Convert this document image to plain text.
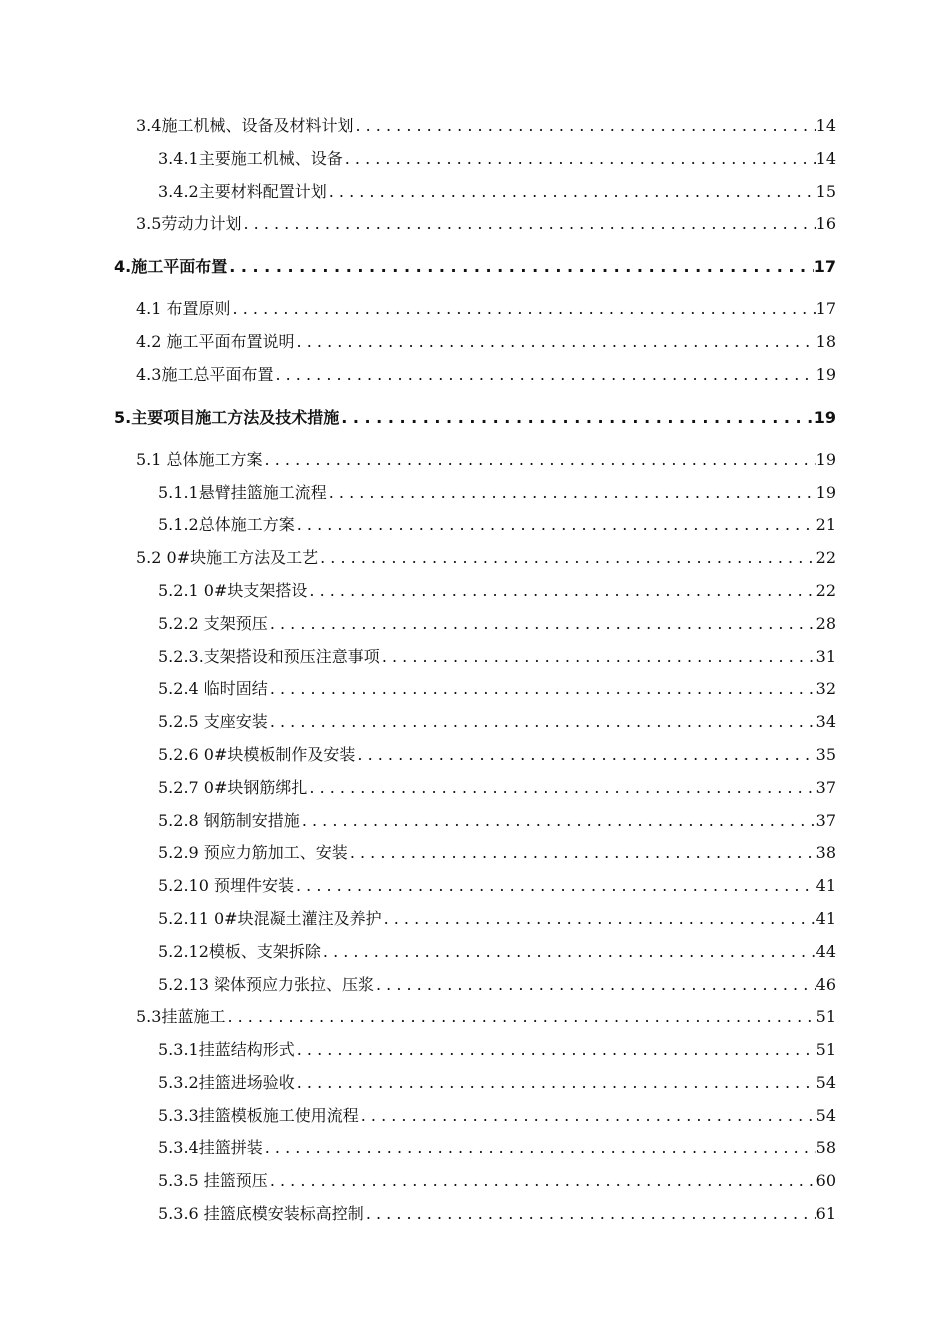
3.4施工机械、设备及材料计划 . . .	14
3.4.1主要施工机械、设备 . . .	14
3.4.2主要材料配置计划 . . .	15
3.5劳动力计划 . . .	16
4.施工平面布置 . . .	17
4.1 布置原则 . . .	17
4.2 施工平面布置说明 . . .	18
4.3施工总平面布置 . . .	19
5.主要项目施工方法及技术措施 . . .	19
5.1 总体施工方案 . . .	19
5.1.1悬臂挂篮施工流程 . . .	19
5.1.2总体施工方案 . . .	21
5.2 0#块施工方法及工艺 . . .	22
5.2.1 0#块支架搭设 . . .	22
5.2.2 支架预压 . . .	28
5.2.3.支架搭设和预压注意事项 . . .	31
5.2.4 临时固结 . . .	32
5.2.5 支座安装 . . .	34
5.2.6 0#块模板制作及安装 . . .	35
5.2.7 0#块钢筋绑扎 . . .	37
5.2.8 钢筋制安措施 . . .	37
5.2.9 预应力筋加工、安装 . . .	38
5.2.10 预埋件安装 . . .	41
5.2.11 0#块混凝土灌注及养护 . . .	41
5.2.12模板、支架拆除 . . .	44
5.2.13 梁体预应力张拉、压浆 . . .	46
5.3挂蓝施工 . . .	51
5.3.1挂蓝结构形式 . . .	51
5.3.2挂篮进场验收 . . .	54
5.3.3挂篮模板施工使用流程 . . .	54
5.3.4挂篮拼装 . . .	58
5.3.5 挂篮预压 . . .	60
5.3.6 挂篮底模安装标高控制 . . .	61
